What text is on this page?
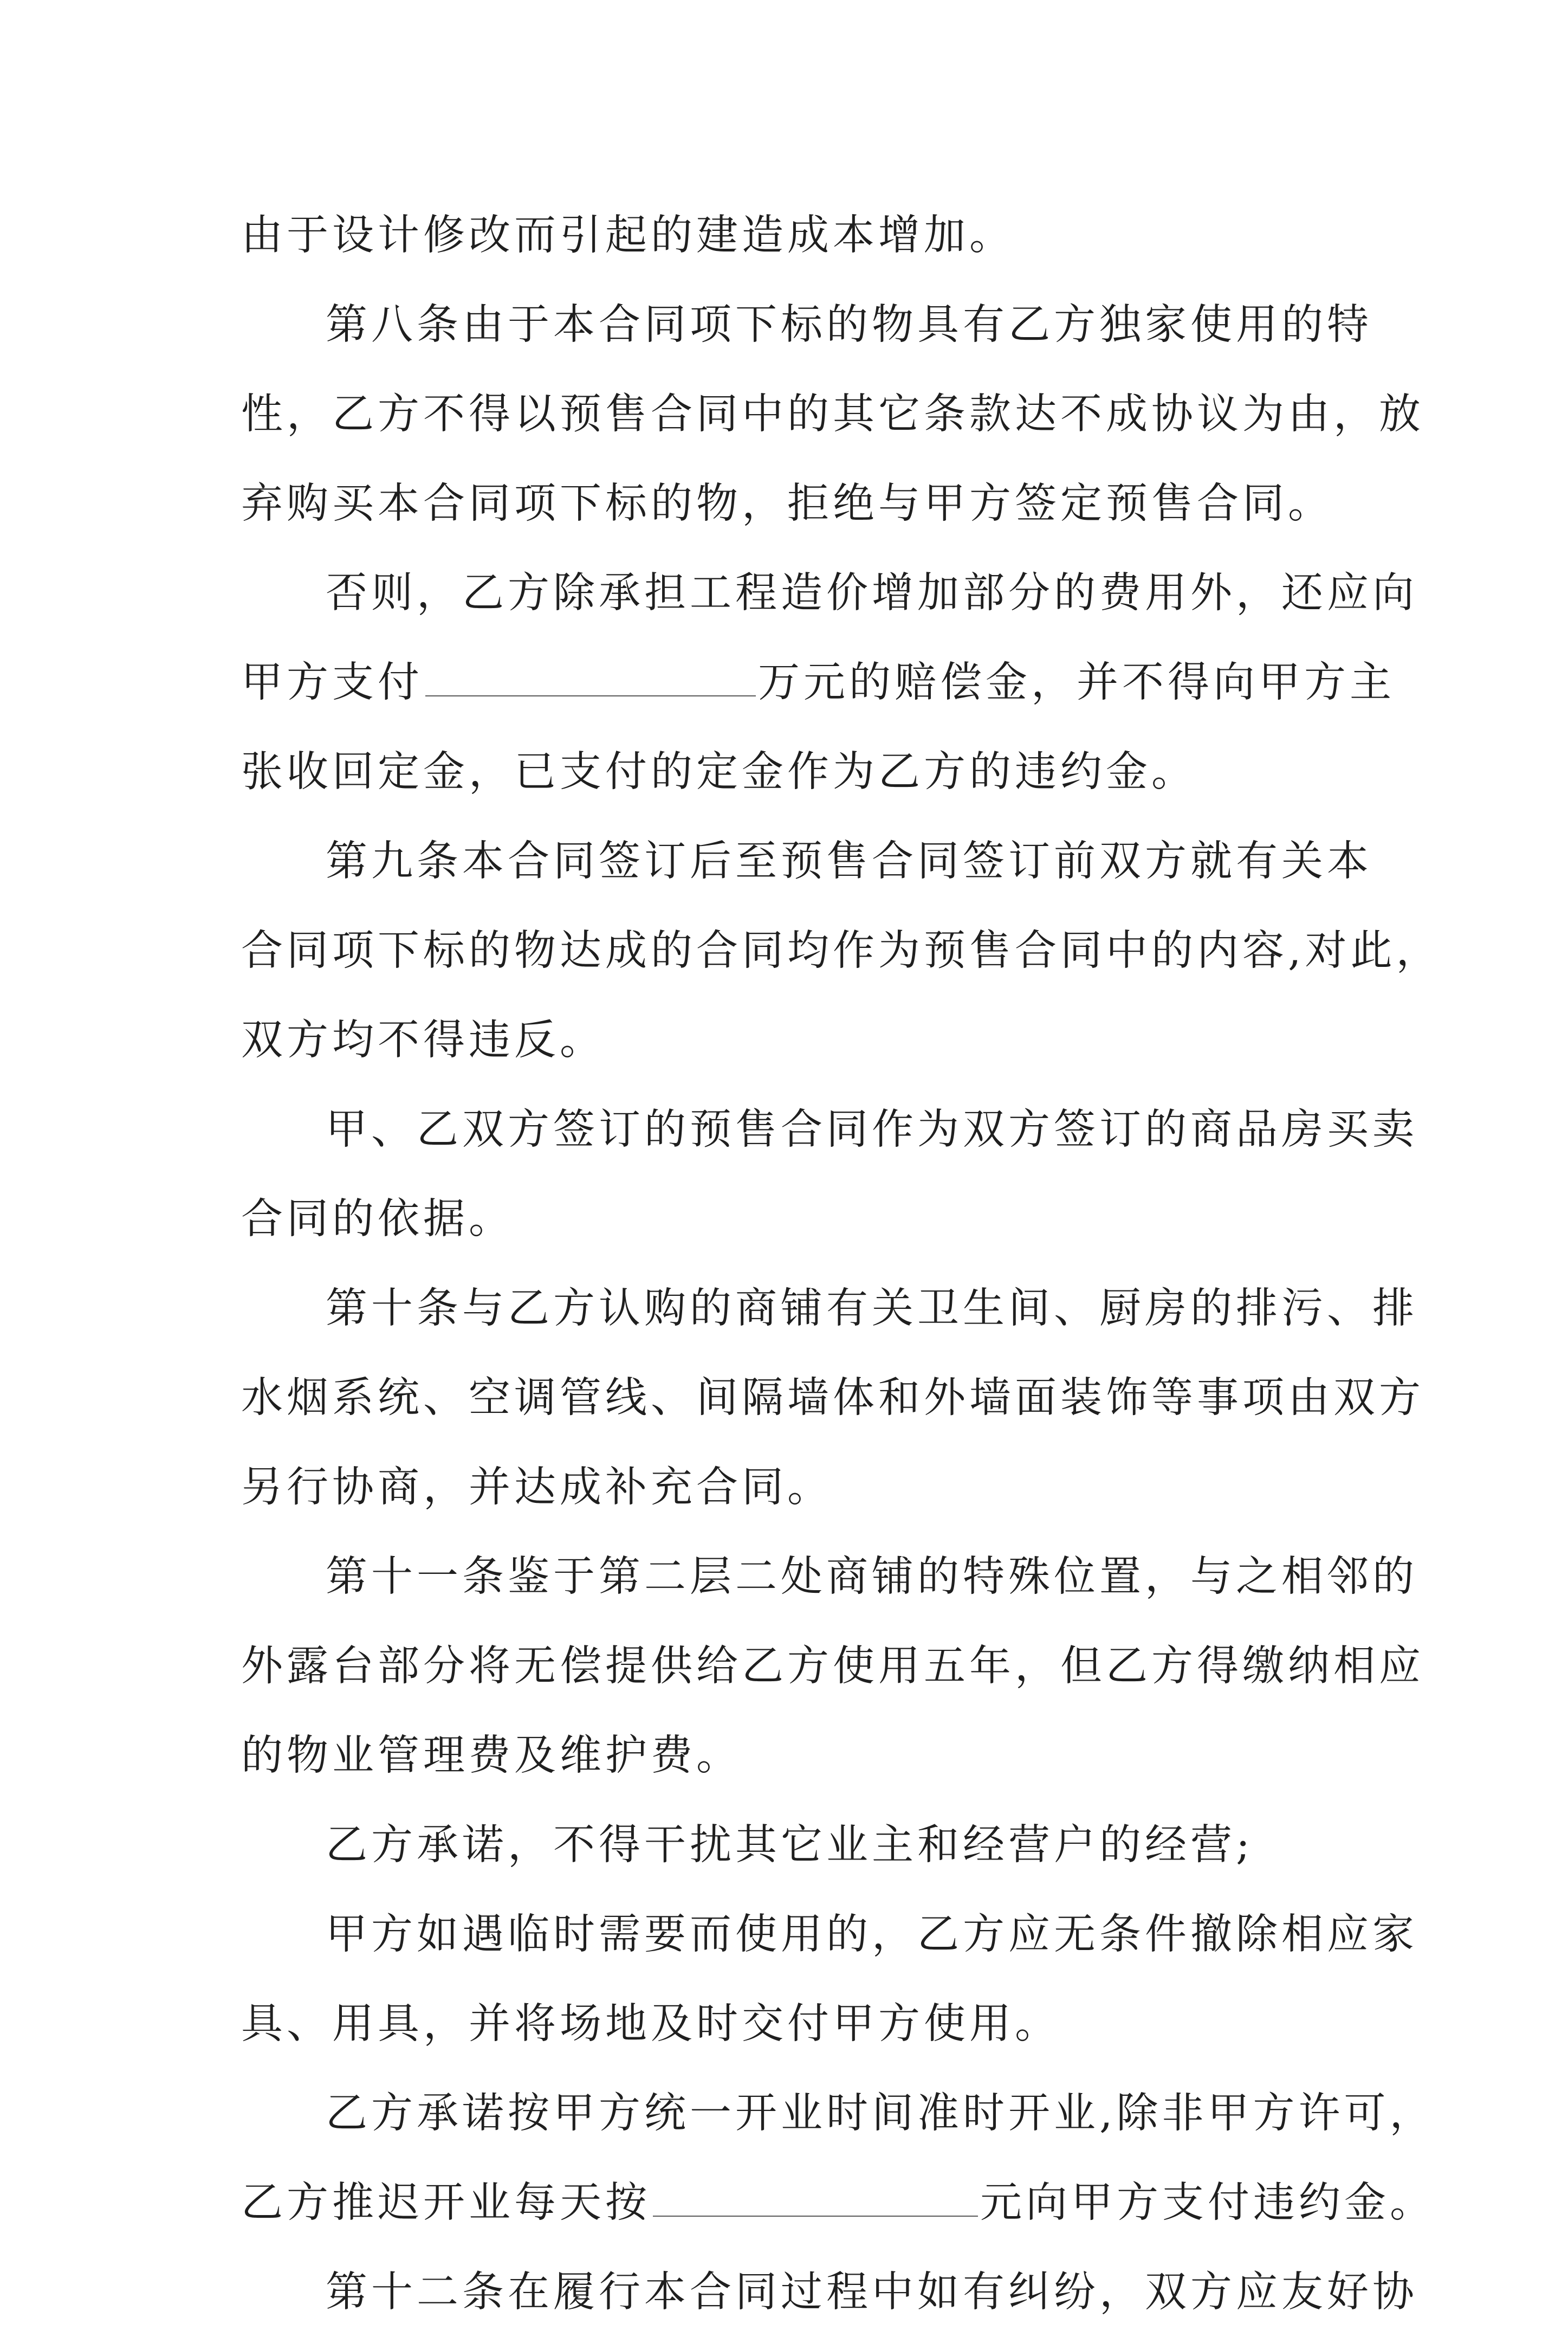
由于设计修改而引起的建造成本增加。
第八条由于本合同项下标的物具有乙方独家使用的特
性，乙方不得以预售合同中的其它条款达不成协议为由，放
弃购买本合同项下标的物，拒绝与甲方签定预售合同。
否则，乙方除承担工程造价增加部分的费用外，还应向
甲方支付	万元的赔偿金，并不得向甲方主
张收回定金，已支付的定金作为乙方的违约金。
第九条本合同签订后至预售合同签订前双方就有关本
合同项下标的物达成的合同均作为预售合同中的内容,对此，
双方均不得违反。
甲、乙双方签订的预售合同作为双方签订的商品房买卖
合同的依据。
第十条与乙方认购的商铺有关卫生间、厨房的排污、排
水烟系统、空调管线、间隔墙体和外墙面装饰等事项由双方
另行协商，并达成补充合同。
第十一条鉴于第二层二处商铺的特殊位置，与之相邻的
外露台部分将无偿提供给乙方使用五年，但乙方得缴纳相应
的物业管理费及维护费。
乙方承诺，不得干扰其它业主和经营户的经营;
甲方如遇临时需要而使用的，乙方应无条件撤除相应家
具、用具，并将场地及时交付甲方使用。
乙方承诺按甲方统一开业时间准时开业,除非甲方许可，
乙方推迟开业每天按	元向甲方支付违约金。
第十二条在履行本合同过程中如有纠纷，双方应友好协
